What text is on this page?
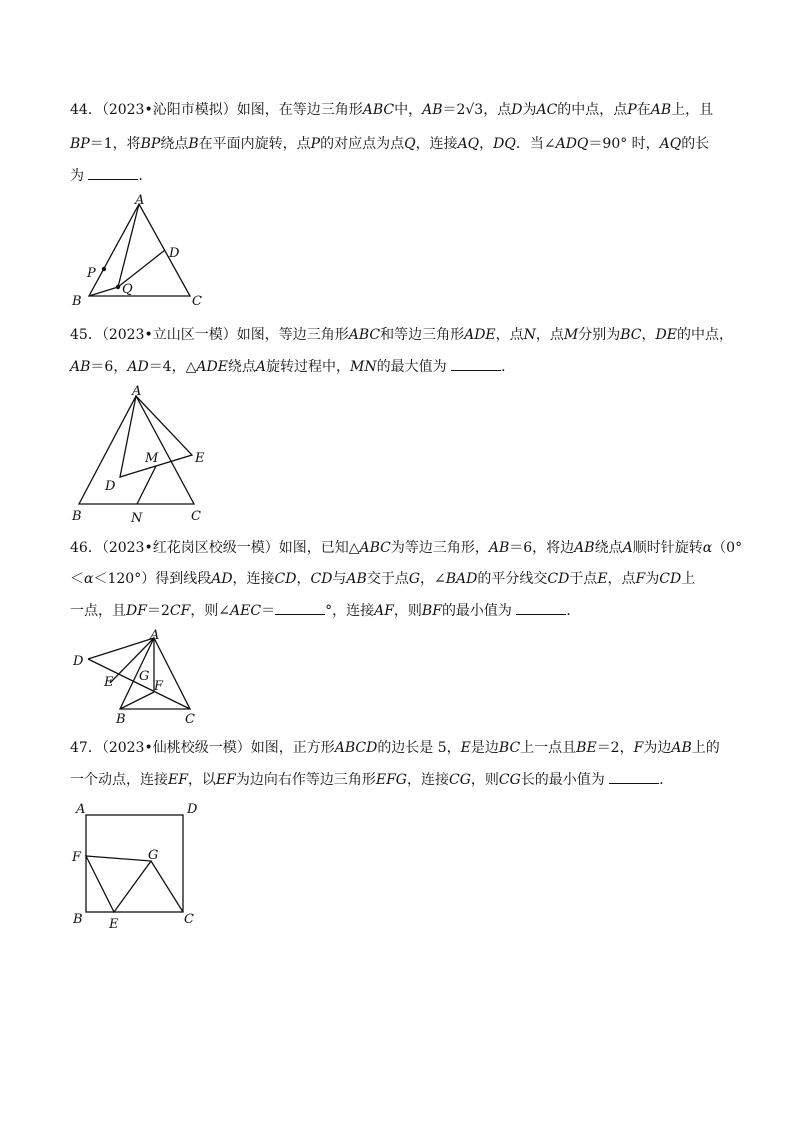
44．（2023•沁阳市模拟）如图，在等边三角形ABC中，AB＝2√3，点D为AC的中点，点P在AB上，且
BP＝1，将BP绕点B在平面内旋转，点P的对应点为点Q，连接AQ，DQ．当∠ADQ＝90° 时，AQ的长
为	．
A
B	C
D
P
Q
45．（2023•立山区一模）如图，等边三角形ABC和等边三角形ADE，点N，点M分别为BC，DE的中点，
AB＝6，AD＝4，△ADE绕点A旋转过程中，MN的最大值为	．
A
B	C
D
E
M
N
46．（2023•红花岗区校级一模）如图，已知△ABC为等边三角形，AB＝6，将边AB绕点A顺时针旋转α（0°
＜α＜120°）得到线段AD，连接CD，CD与AB交于点G，∠BAD的平分线交CD于点E，点F为CD上
一点，且DF＝2CF，则∠AEC＝	°，连接AF，则BF的最小值为	．
A
B	C
D
E	F
G
47．（2023•仙桃校级一模）如图，正方形ABCD的边长是 5，E是边BC上一点且BE＝2，F为边AB上的
一个动点，连接EF，以EF为边向右作等边三角形EFG，连接CG，则CG长的最小值为	．
A	D
B	C
E
F	G
